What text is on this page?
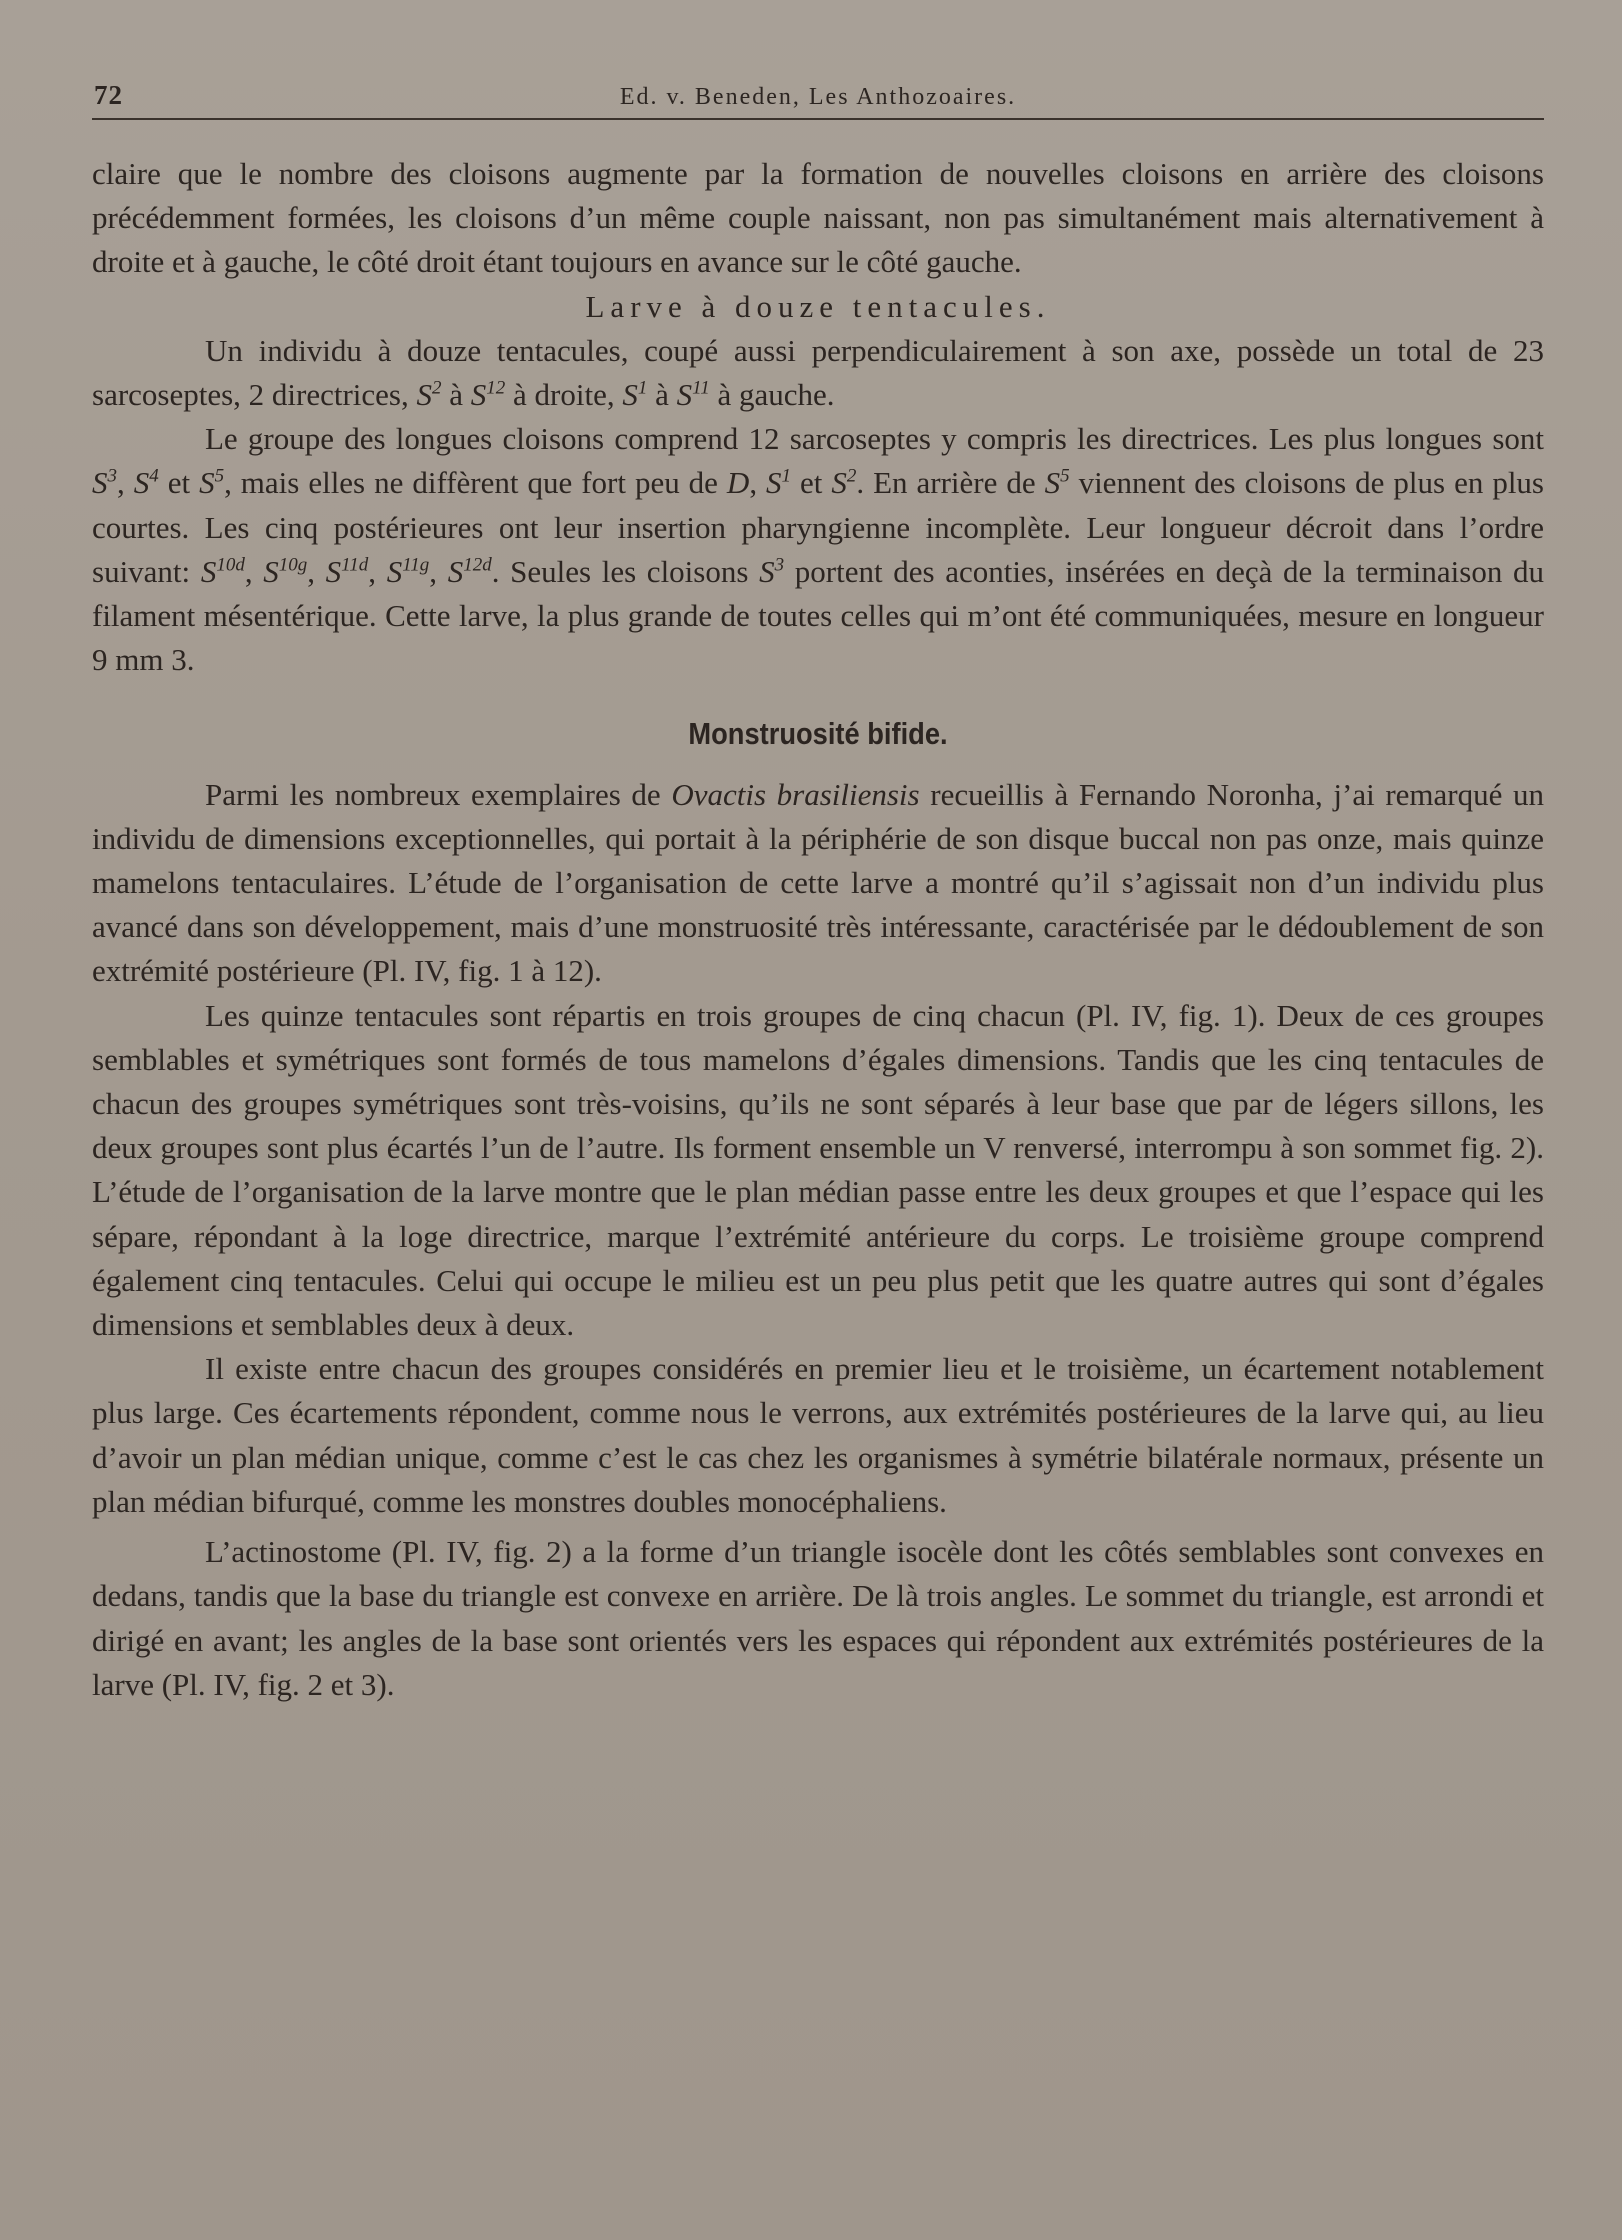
72	Ed. v. Beneden, Les Anthozoaires.

claire que le nombre des cloisons augmente par la formation de nouvelles cloisons en arrière des cloisons précédemment formées, les cloisons d’un même couple naissant, non pas simultanément mais alternativement à droite et à gauche, le côté droit étant toujours en avance sur le côté gauche.

Larve à douze tentacules.

Un individu à douze tentacules, coupé aussi perpendiculairement à son axe, possède un total de 23 sarcoseptes, 2 directrices, $S^2$ à $S^{12}$ à droite, $S^1$ à $S^{11}$ à gauche.

Le groupe des longues cloisons comprend 12 sarcoseptes y compris les directrices. Les plus longues sont $S^3$, $S^4$ et $S^5$, mais elles ne diffèrent que fort peu de D, $S^1$ et $S^2$. En arrière de $S^5$ viennent des cloisons de plus en plus courtes. Les cinq postérieures ont leur insertion pharyngienne incomplète. Leur longueur décroit dans l’ordre suivant: $S^{10d}$, $S^{10g}$, $S^{11d}$, $S^{11g}$, $S^{12d}$. Seules les cloisons $S^3$ portent des aconties, insérées en deçà de la terminaison du filament mésentérique. Cette larve, la plus grande de toutes celles qui m’ont été communiquées, mesure en longueur 9 mm 3.

Monstruosité bifide.

Parmi les nombreux exemplaires de Ovactis brasiliensis recueillis à Fernando Noronha, j’ai remarqué un individu de dimensions exceptionnelles, qui portait à la périphérie de son disque buccal non pas onze, mais quinze mamelons tentaculaires. L’étude de l’organisation de cette larve a montré qu’il s’agissait non d’un individu plus avancé dans son développement, mais d’une monstruosité très intéressante, caractérisée par le dédoublement de son extrémité postérieure (Pl. IV, fig. 1 à 12).

Les quinze tentacules sont répartis en trois groupes de cinq chacun (Pl. IV, fig. 1). Deux de ces groupes semblables et symétriques sont formés de tous mamelons d’égales dimensions. Tandis que les cinq tentacules de chacun des groupes symétriques sont très-voisins, qu’ils ne sont séparés à leur base que par de légers sillons, les deux groupes sont plus écartés l’un de l’autre. Ils forment ensemble un V renversé, interrompu à son sommet fig. 2). L’étude de l’organisation de la larve montre que le plan médian passe entre les deux groupes et que l’espace qui les sépare, répondant à la loge directrice, marque l’extrémité antérieure du corps. Le troisième groupe comprend également cinq tentacules. Celui qui occupe le milieu est un peu plus petit que les quatre autres qui sont d’égales dimensions et semblables deux à deux.

Il existe entre chacun des groupes considérés en premier lieu et le troisième, un écartement notablement plus large. Ces écartements répondent, comme nous le verrons, aux extrémités postérieures de la larve qui, au lieu d’avoir un plan médian unique, comme c’est le cas chez les organismes à symétrie bilatérale normaux, présente un plan médian bifurqué, comme les monstres doubles monocéphaliens.

L’actinostome (Pl. IV, fig. 2) a la forme d’un triangle isocèle dont les côtés semblables sont convexes en dedans, tandis que la base du triangle est convexe en arrière. De là trois angles. Le sommet du triangle, est arrondi et dirigé en avant; les angles de la base sont orientés vers les espaces qui répondent aux extrémités postérieures de la larve (Pl. IV, fig. 2 et 3).
